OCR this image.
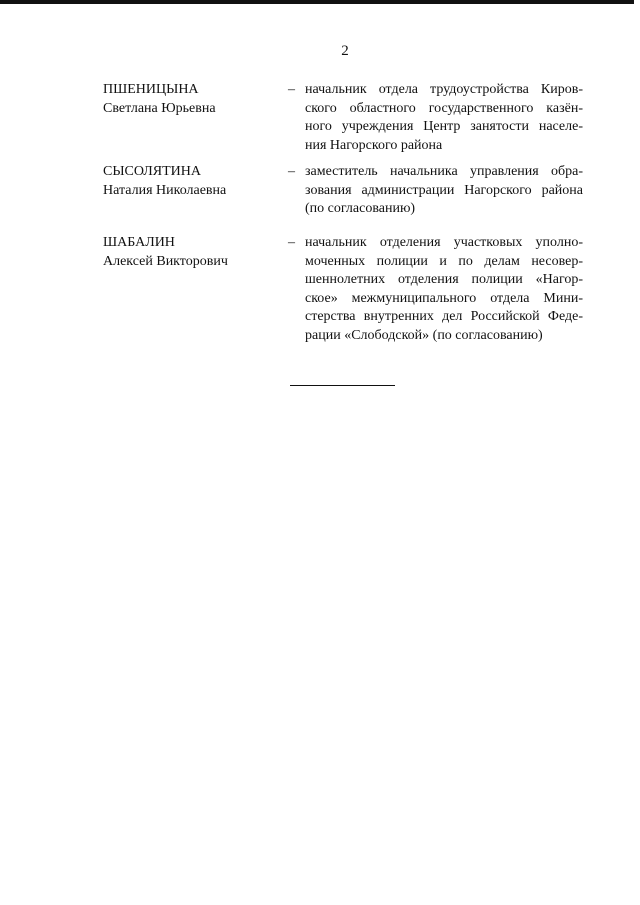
2
ПШЕНИЦЫНА
Светлана Юрьевна
– начальник отдела трудоустройства Киров-
ского областного государственного казён-
ного учреждения Центр занятости населе-
ния Нагорского района
СЫСОЛЯТИНА
Наталия Николаевна
– заместитель начальника управления обра-
зования администрации Нагорского района
(по согласованию)
ШАБАЛИН
Алексей Викторович
– начальник отделения участковых уполно-
моченных полиции и по делам несовер-
шеннолетних отделения полиции «Нагор-
ское» межмуниципального отдела Мини-
стерства внутренних дел Российской Феде-
рации «Слободской» (по согласованию)
